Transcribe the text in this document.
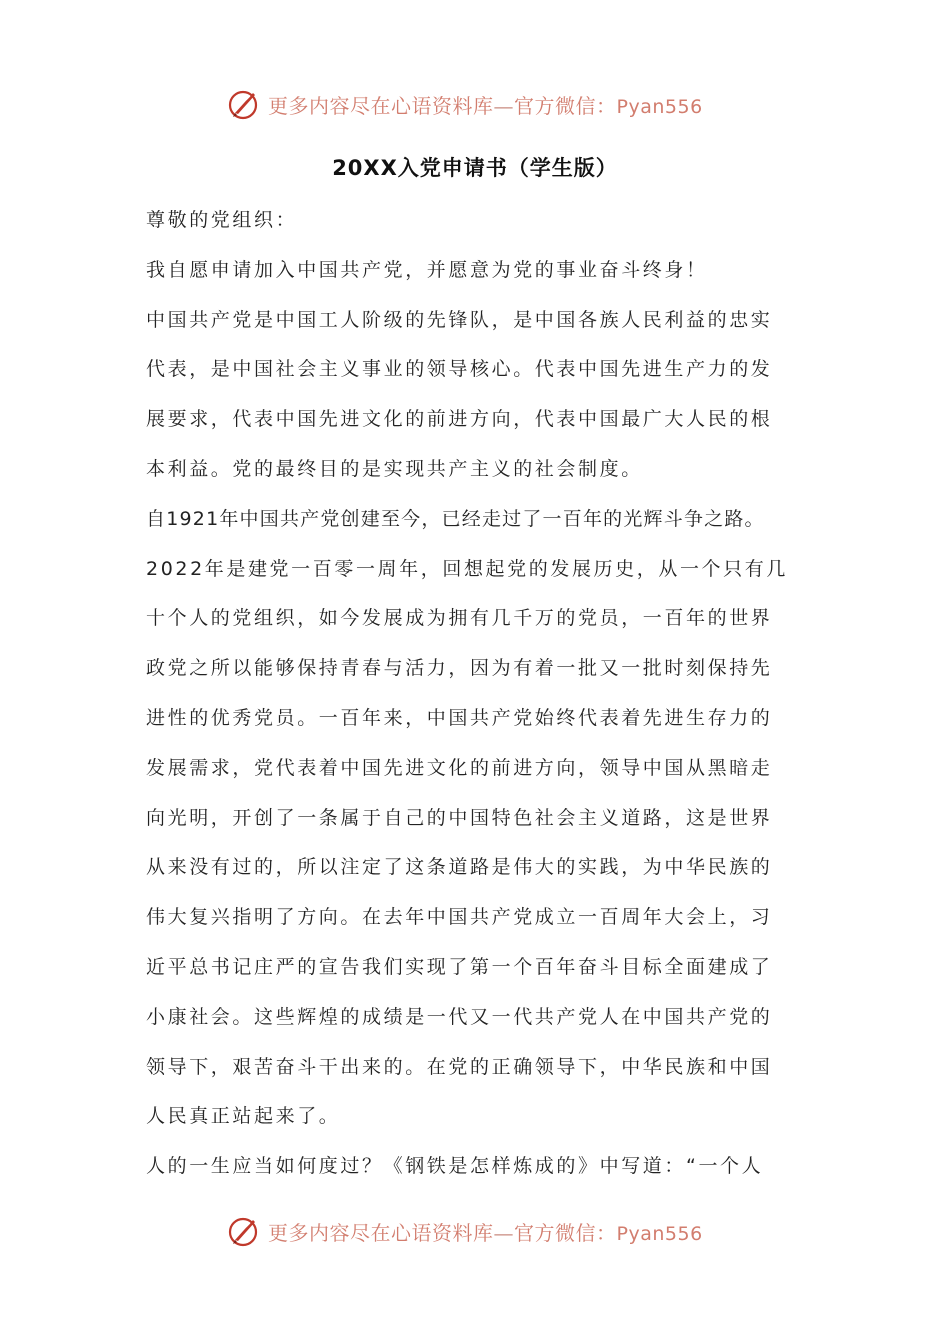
更多内容尽在心语资料库—官方微信：Pyan556
20XX入党申请书（学生版）
尊敬的党组织：
我自愿申请加入中国共产党，并愿意为党的事业奋斗终身！
中国共产党是中国工人阶级的先锋队，是中国各族人民利益的忠实
代表，是中国社会主义事业的领导核心。代表中国先进生产力的发
展要求，代表中国先进文化的前进方向，代表中国最广大人民的根
本利益。党的最终目的是实现共产主义的社会制度。
自1921年中国共产党创建至今，已经走过了一百年的光辉斗争之路。
2022年是建党一百零一周年，回想起党的发展历史，从一个只有几
十个人的党组织，如今发展成为拥有几千万的党员，一百年的世界
政党之所以能够保持青春与活力，因为有着一批又一批时刻保持先
进性的优秀党员。一百年来，中国共产党始终代表着先进生存力的
发展需求，党代表着中国先进文化的前进方向，领导中国从黑暗走
向光明，开创了一条属于自己的中国特色社会主义道路，这是世界
从来没有过的，所以注定了这条道路是伟大的实践，为中华民族的
伟大复兴指明了方向。在去年中国共产党成立一百周年大会上，习
近平总书记庄严的宣告我们实现了第一个百年奋斗目标全面建成了
小康社会。这些辉煌的成绩是一代又一代共产党人在中国共产党的
领导下，艰苦奋斗干出来的。在党的正确领导下，中华民族和中国
人民真正站起来了。
人的一生应当如何度过？《钢铁是怎样炼成的》中写道：“一个人
更多内容尽在心语资料库—官方微信：Pyan556
